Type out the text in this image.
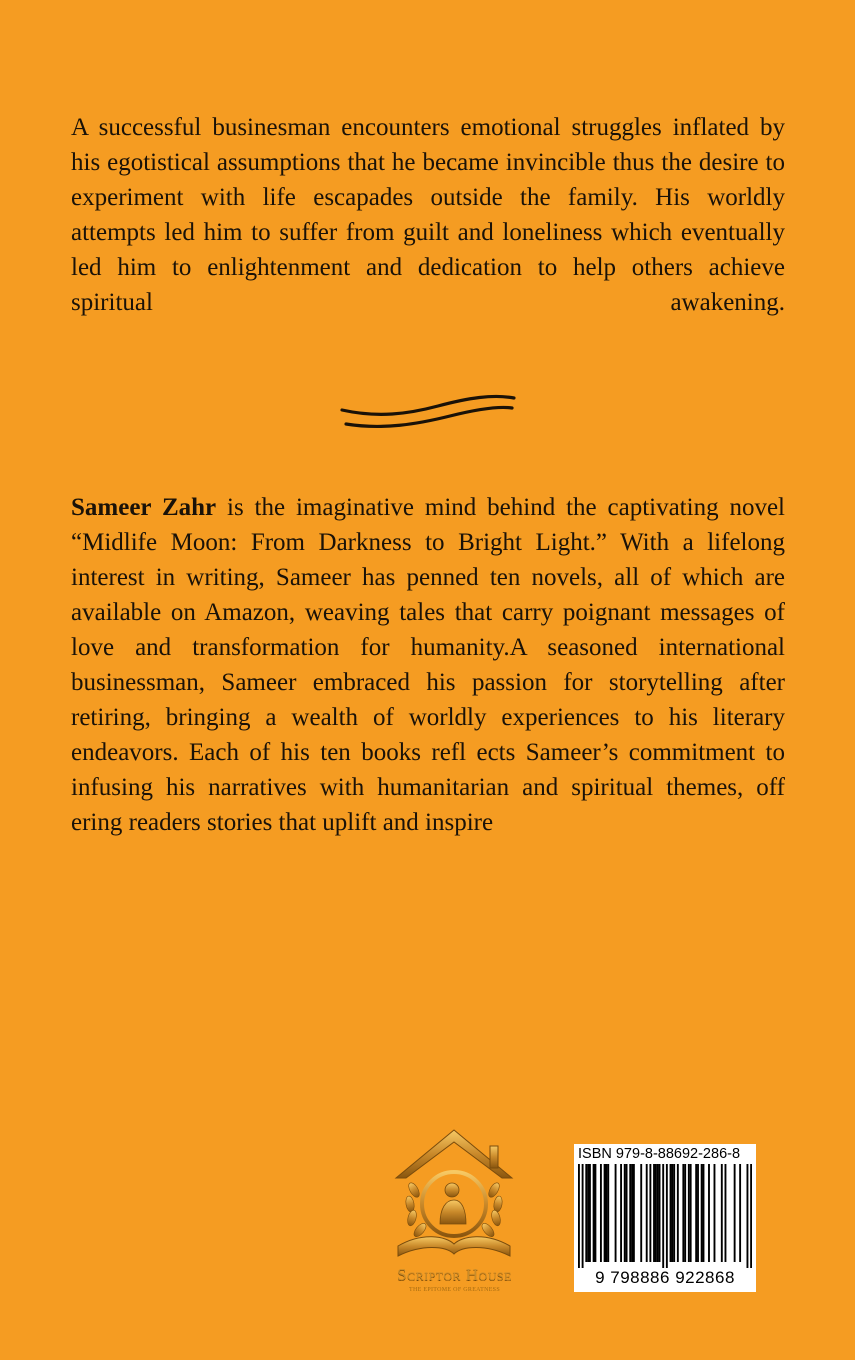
A successful businesman encounters emotional struggles inflated by his egotistical assumptions that he became invincible thus the desire to experiment with life escapades outside the family. His worldly attempts led him to suffer from guilt and loneliness which eventually led him to enlightenment and dedication to help others achieve spiritual awakening.

Sameer Zahr is the imaginative mind behind the captivating novel “Midlife Moon: From Darkness to Bright Light.” With a lifelong interest in writing, Sameer has penned ten novels, all of which are available on Amazon, weaving tales that carry poignant messages of love and transformation for humanity.A seasoned international businessman, Sameer embraced his passion for storytelling after retiring, bringing a wealth of worldly experiences to his literary endeavors. Each of his ten books refl ects Sameer’s commitment to infusing his narratives with humanitarian and spiritual themes, off ering readers stories that uplift and inspire

Scriptor House

THE EPITOME OF GREATNESS

ISBN 979-8-88692-286-8
9 798886 922868
